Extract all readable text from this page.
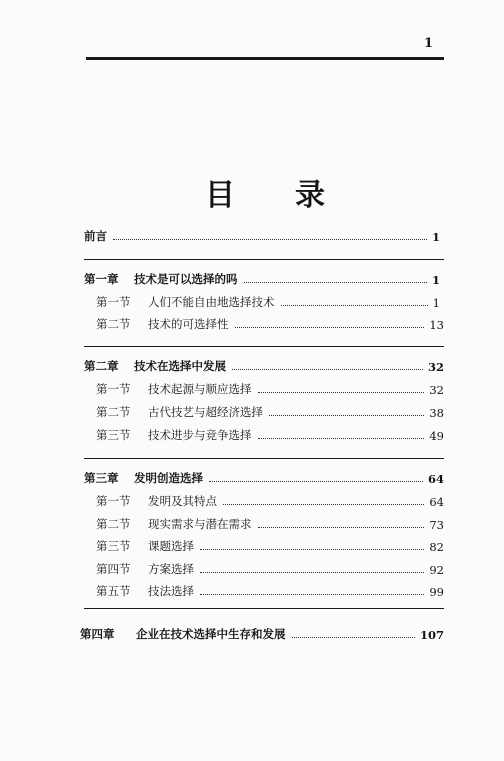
1
目　　录
前言	1
第一章	技术是可以选择的吗	1
第一节	人们不能自由地选择技术	1
第二节	技术的可选择性	13
第二章	技术在选择中发展	32
第一节	技术起源与顺应选择	32
第二节	古代技艺与超经济选择	38
第三节	技术进步与竞争选择	49
第三章	发明创造选择	64
第一节	发明及其特点	64
第二节	现实需求与潜在需求	73
第三节	课题选择	82
第四节	方案选择	92
第五节	技法选择	99
第四章	企业在技术选择中生存和发展	107
